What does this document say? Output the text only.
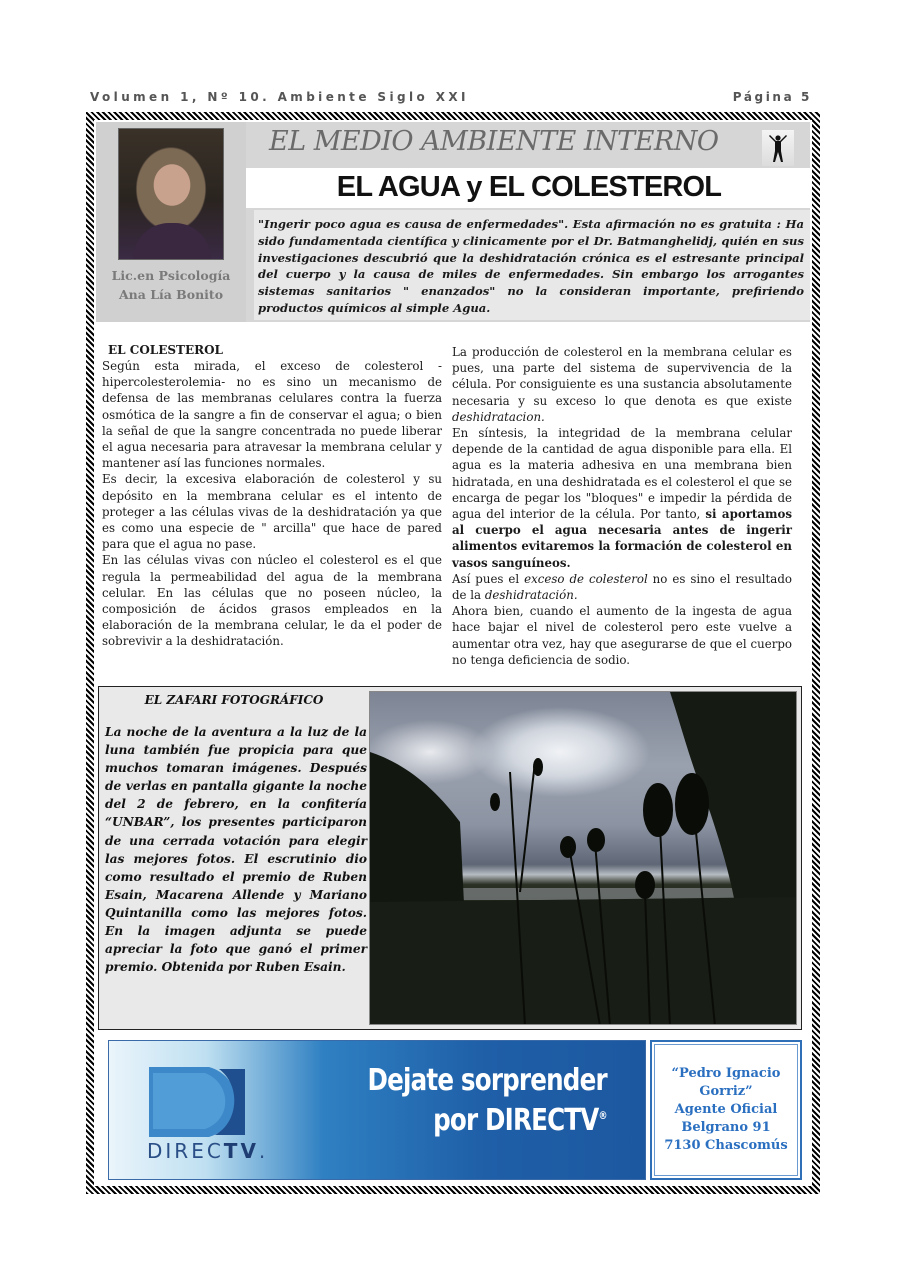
Volumen 1, Nº 10. Ambiente Siglo XXI	Página 5
Lic.en Psicología
Ana Lía Bonito
EL MEDIO AMBIENTE INTERNO
EL AGUA y EL COLESTEROL
"Ingerir poco agua es causa de enfermedades". Esta afirmación no es gratuita : Ha sido fundamentada científica y clinicamente por el Dr. Batmanghelidj, quién en sus investigaciones descubrió que la deshidratación crónica es el estresante principal del cuerpo y la causa de miles de enfermedades. Sin embargo los arrogantes sistemas sanitarios " enanzados" no la consideran importante, prefiriendo productos químicos al simple Agua.
EL COLESTEROL

Según esta mirada, el exceso de colesterol -hipercolesterolemia- no es sino un mecanismo de defensa de las membranas celulares contra la fuerza osmótica de la sangre a fin de conservar el agua; o bien la señal de que la sangre concentrada no puede liberar el agua necesaria para atravesar la membrana celular y mantener así las funciones normales.

Es decir, la excesiva elaboración de colesterol y su depósito en la membrana celular es el intento de proteger a las células vivas de la deshidratación ya que es como una especie de " arcilla" que hace de pared para que el agua no pase.

En las células vivas con núcleo el colesterol es el que regula la permeabilidad del agua de la membrana celular. En las células que no poseen núcleo, la composición de ácidos grasos empleados en la elaboración de la membrana celular, le da el poder de sobrevivir a la deshidratación.

La producción de colesterol en la membrana celular es pues, una parte del sistema de supervivencia de la célula. Por consiguiente es una sustancia absolutamente necesaria y su exceso lo que denota es que existe deshidratacion.

En síntesis, la integridad de la membrana celular depende de la cantidad de agua disponible para ella. El agua es la materia adhesiva en una membrana bien hidratada, en una deshidratada es el colesterol el que se encarga de pegar los "bloques" e impedir la pérdida de agua del interior de la célula. Por tanto, si aportamos al cuerpo el agua necesaria antes de ingerir alimentos evitaremos la formación de colesterol en vasos sanguíneos.

Así pues el exceso de colesterol no es sino el resultado de la deshidratación.

Ahora bien, cuando el aumento de la ingesta de agua hace bajar el nivel de colesterol pero este vuelve a aumentar otra vez, hay que asegurarse de que el cuerpo no tenga deficiencia de sodio.

EL ZAFARI FOTOGRÁFICO
La noche de la aventura a la luz de la luna también fue propicia para que muchos tomaran imágenes. Después de verlas en pantalla gigante la noche del 2 de febrero, en la confitería “UNBAR”, los presentes participaron de una cerrada votación para elegir las mejores fotos. El escrutinio dio como resultado el premio de Ruben Esain, Macarena Allende y Mariano Quintanilla como las mejores fotos. En la imagen adjunta se puede apreciar la foto que ganó el primer premio. Obtenida por Ruben Esain.
DIRECTV.
Dejate sorprender
por DIRECTV®
“Pedro Ignacio
Gorriz”
Agente Oficial
Belgrano 91
7130 Chascomús
